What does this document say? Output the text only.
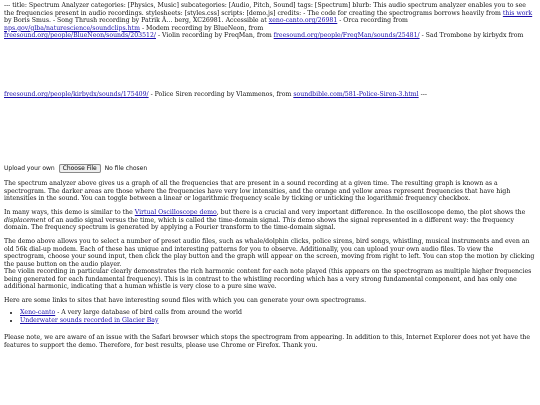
--- title: Spectrum Analyzer categories: [Physics, Music] subcategories: [Audio, Pitch, Sound] tags: [Spectrum] blurb: This audio spectrum analyzer enables you to see the frequencies present in audio recordings. stylesheets: [styles.css] scripts: [demo.js] credits: - The code for creating the spectrograms borrows heavily from this work by Boris Smus. - Song Thrush recording by Patrik Ã… berg, XC26981. Accessible at xeno-canto.org/26981 - Orca recording from nps.gov/glba/naturescience/soundclips.htm - Modem recording by BlueNeon, from
freesound.org/people/BlueNeon/sounds/203512/ - Violin recording by FreqMan, from freesound.org/people/FreqMan/sounds/25481/ - Sad Trombone by kirbydx from
freesound.org/people/kirbydx/sounds/175409/ - Police Siren recording by Vlammenos, from soundbible.com/581-Police-Siren-3.html ---
Upload your own Choose File No file chosen

The spectrum analyzer above gives us a graph of all the frequencies that are present in a sound recording at a given time. The resulting graph is known as a spectrogram. The darker areas are those where the frequencies have very low intensities, and the orange and yellow areas represent frequencies that have high intensities in the sound. You can toggle between a linear or logarithmic frequency scale by ticking or unticking the logarithmic frequency checkbox.

In many ways, this demo is similar to the Virtual Oscilloscope demo, but there is a crucial and very important difference. In the oscilloscope demo, the plot shows the displacement of an audio signal versus the time, which is called the time-domain signal. This demo shows the signal represented in a different way: the frequency domain. The frequency spectrum is generated by applying a Fourier transform to the time-domain signal.

The demo above allows you to select a number of preset audio files, such as whale/dolphin clicks, police sirens, bird songs, whistling, musical instruments and even an old 56k dial-up modem. Each of these has unique and interesting patterns for you to observe. Additionally, you can upload your own audio files. To view the spectrogram, choose your sound input, then click the play button and the graph will appear on the screen, moving from right to left. You can stop the motion by clicking the pause button on the audio player.

The violin recording in particular clearly demonstrates the rich harmonic content for each note played (this appears on the spectrogram as multiple higher frequencies being generated for each fundamental frequency). This is in contrast to the whistling recording which has a very strong fundamental component, and has only one additional harmonic, indicating that a human whistle is very close to a pure sine wave.

Here are some links to sites that have interesting sound files with which you can generate your own spectrograms.

• Xeno-canto - A very large database of bird calls from around the world
• Underwater sounds recorded in Glacier Bay

Please note, we are aware of an issue with the Safari browser which stops the spectrogram from appearing. In addition to this, Internet Explorer does not yet have the features to support the demo. Therefore, for best results, please use Chrome or Firefox. Thank you.
